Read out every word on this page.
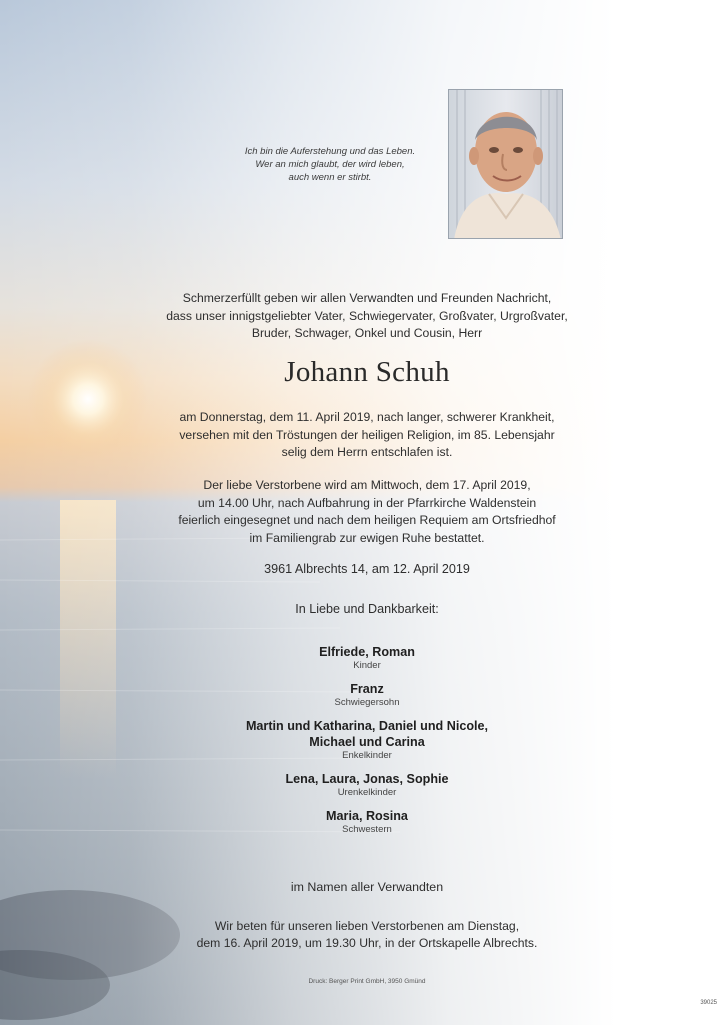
Ich bin die Auferstehung und das Leben.
Wer an mich glaubt, der wird leben,
auch wenn er stirbt.
Schmerzerfüllt geben wir allen Verwandten und Freunden Nachricht,
dass unser innigstgeliebter Vater, Schwiegervater, Großvater, Urgroßvater,
Bruder, Schwager, Onkel und Cousin, Herr
Johann Schuh
am Donnerstag, dem 11. April 2019, nach langer, schwerer Krankheit,
versehen mit den Tröstungen der heiligen Religion, im 85. Lebensjahr
selig dem Herrn entschlafen ist.
Der liebe Verstorbene wird am Mittwoch, dem 17. April 2019,
um 14.00 Uhr, nach Aufbahrung in der Pfarrkirche Waldenstein
feierlich eingesegnet und nach dem heiligen Requiem am Ortsfriedhof
im Familiengrab zur ewigen Ruhe bestattet.
3961 Albrechts 14, am 12. April 2019
In Liebe und Dankbarkeit:
Elfriede, Roman
Kinder
Franz
Schwiegersohn
Martin und Katharina, Daniel und Nicole,
Michael und Carina
Enkelkinder
Lena, Laura, Jonas, Sophie
Urenkelkinder
Maria, Rosina
Schwestern
im Namen aller Verwandten
Wir beten für unseren lieben Verstorbenen am Dienstag,
dem 16. April 2019, um 19.30 Uhr, in der Ortskapelle Albrechts.
Druck: Berger Print GmbH, 3950 Gmünd
39025
